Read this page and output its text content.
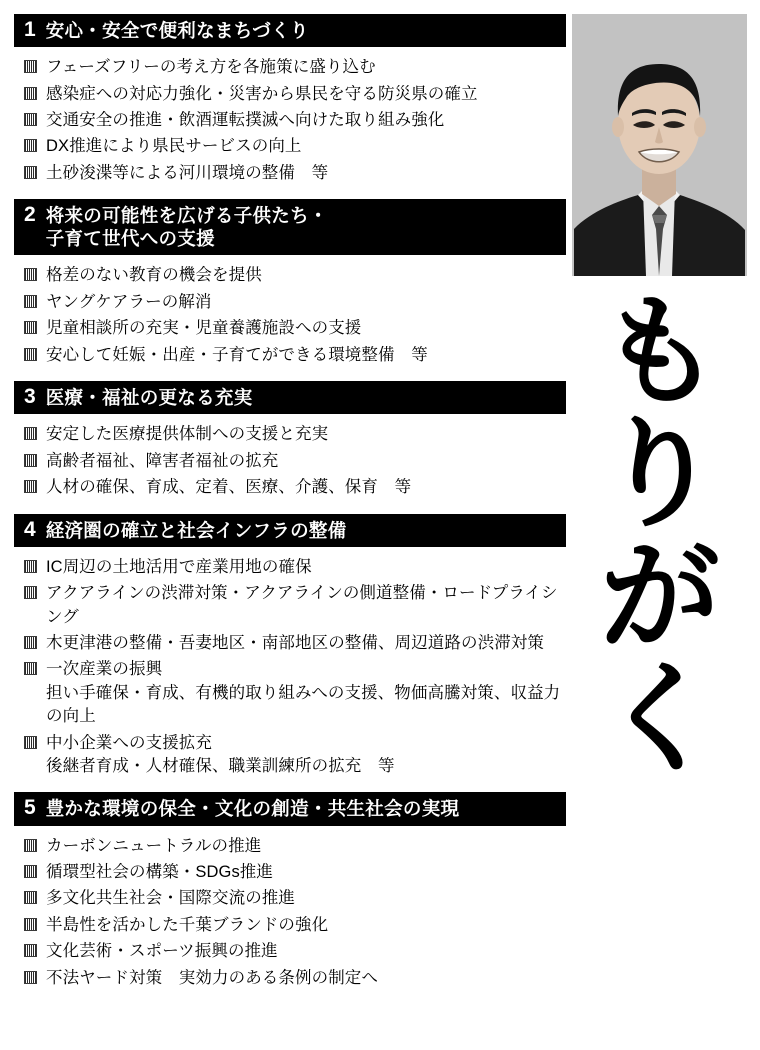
1 安心・安全で便利なまちづくり
フェーズフリーの考え方を各施策に盛り込む
感染症への対応力強化・災害から県民を守る防災県の確立
交通安全の推進・飲酒運転撲滅へ向けた取り組み強化
DX推進により県民サービスの向上
土砂浚渫等による河川環境の整備　等
2 将来の可能性を広げる子供たち・
子育て世代への支援
格差のない教育の機会を提供
ヤングケアラーの解消
児童相談所の充実・児童養護施設への支援
安心して妊娠・出産・子育てができる環境整備　等
3 医療・福祉の更なる充実
安定した医療提供体制への支援と充実
高齢者福祉、障害者福祉の拡充
人材の確保、育成、定着、医療、介護、保育　等
4 経済圏の確立と社会インフラの整備
IC周辺の土地活用で産業用地の確保
アクアラインの渋滞対策・アクアラインの側道整備・ロードプライシング
木更津港の整備・吾妻地区・南部地区の整備、周辺道路の渋滞対策
一次産業の振興
担い手確保・育成、有機的取り組みへの支援、物価高騰対策、収益力の向上
中小企業への支援拡充
後継者育成・人材確保、職業訓練所の拡充　等
5 豊かな環境の保全・文化の創造・共生社会の実現
カーボンニュートラルの推進
循環型社会の構築・SDGs推進
多文化共生社会・国際交流の推進
半島性を活かした千葉ブランドの強化
文化芸術・スポーツ振興の推進
不法ヤード対策　実効力のある条例の制定へ
も
り
が
く
